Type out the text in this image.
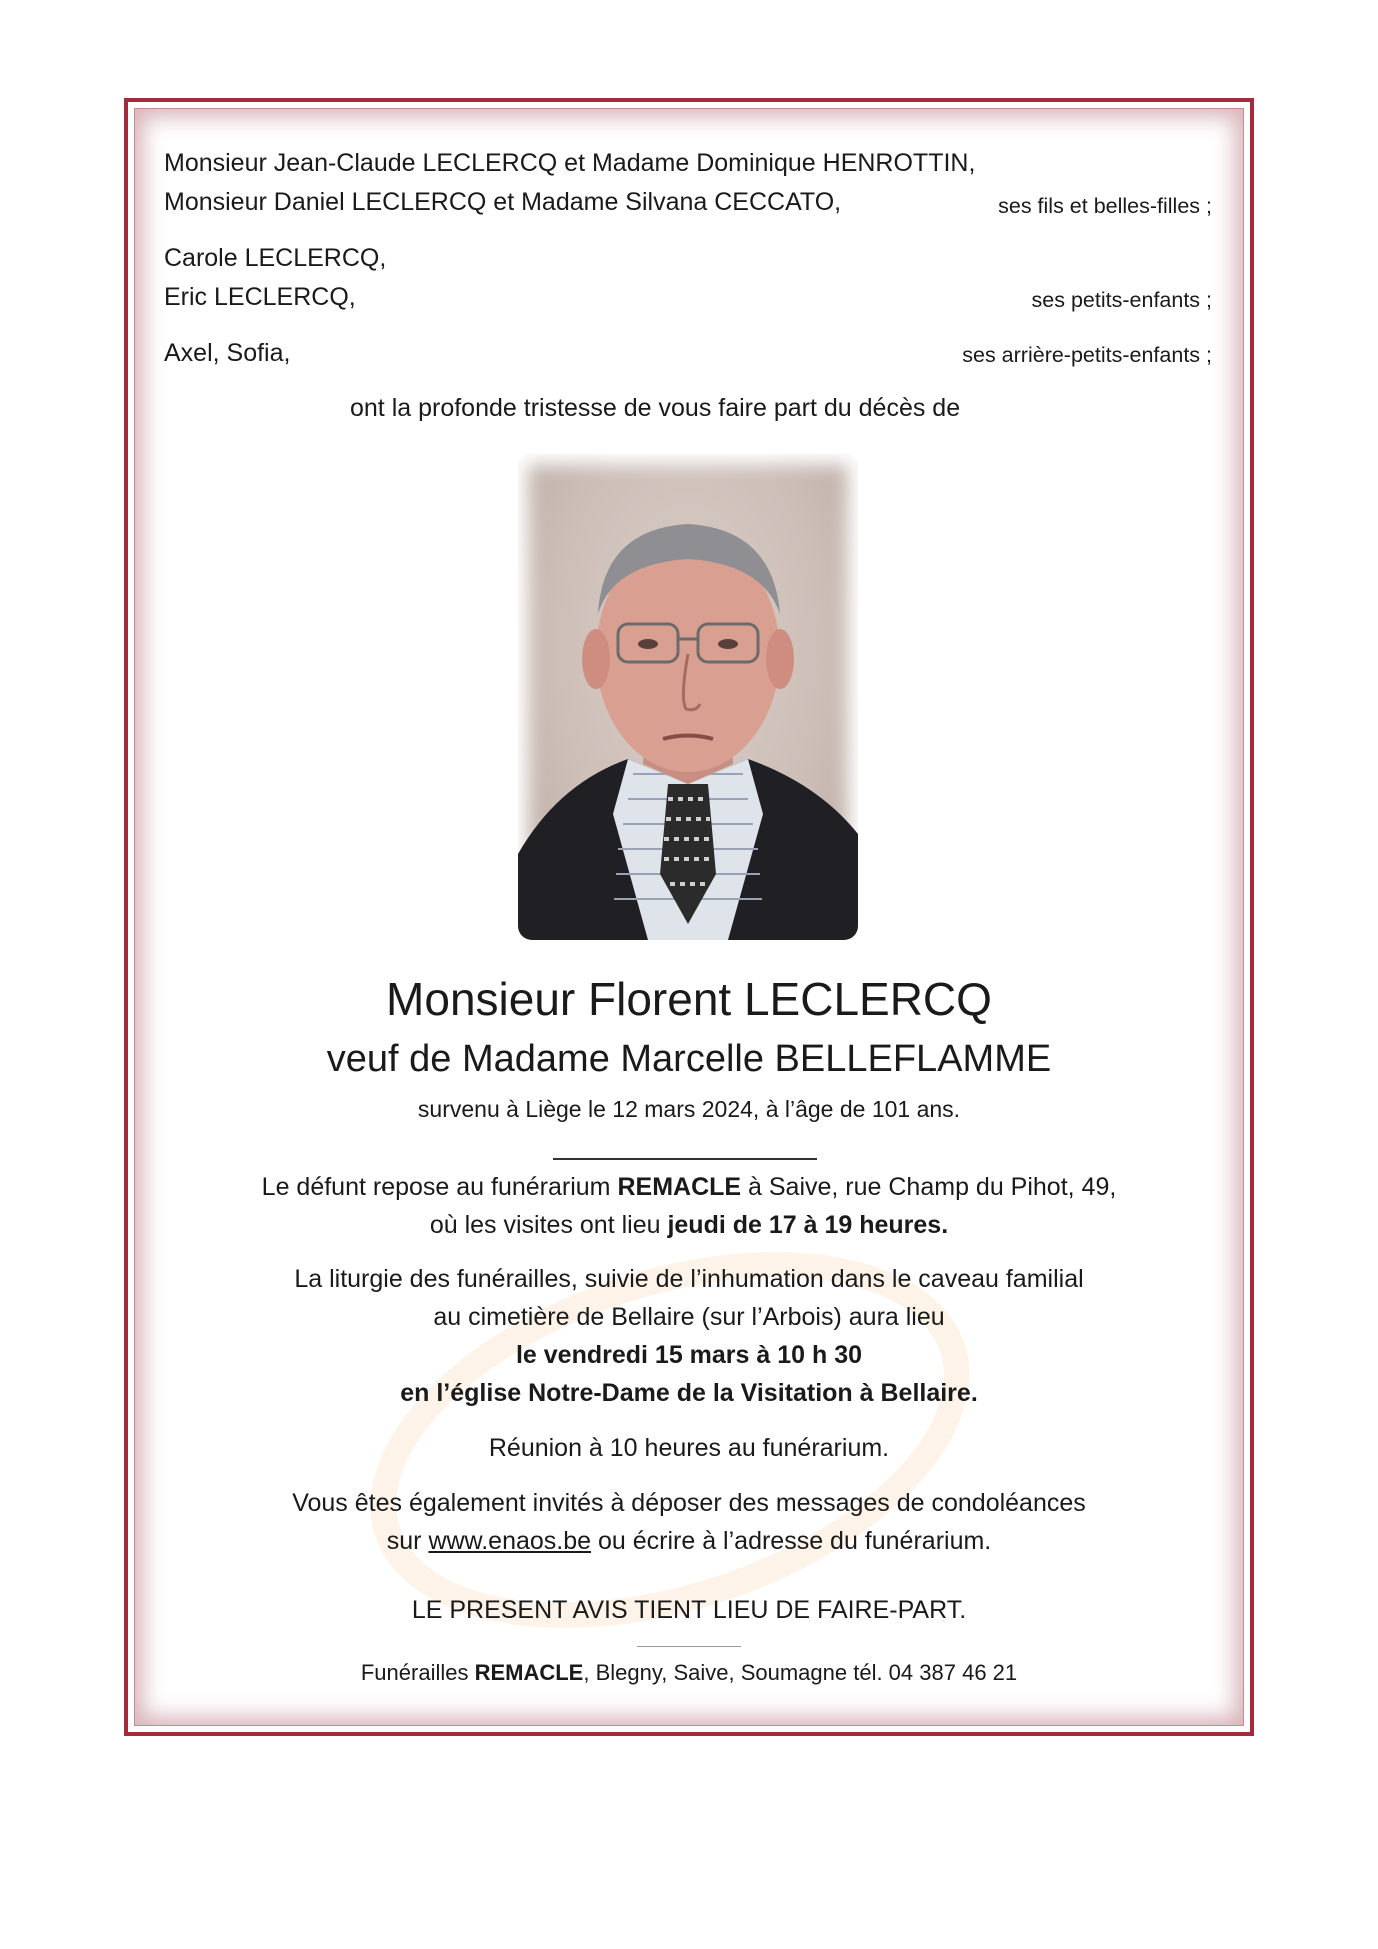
Monsieur Jean-Claude LECLERCQ et Madame Dominique HENROTTIN,
Monsieur Daniel LECLERCQ et Madame Silvana CECCATO,	ses fils et belles-filles ;
Carole LECLERCQ,
Eric LECLERCQ,	ses petits-enfants ;
Axel, Sofia,	ses arrière-petits-enfants ;
ont la profonde tristesse de vous faire part du décès de
Monsieur Florent LECLERCQ
veuf de Madame Marcelle BELLEFLAMME
survenu à Liège le 12 mars 2024, à l’âge de 101 ans.
Le défunt repose au funérarium REMACLE à Saive, rue Champ du Pihot, 49,
où les visites ont lieu jeudi de 17 à 19 heures.
La liturgie des funérailles, suivie de l’inhumation dans le caveau familial
au cimetière de Bellaire (sur l’Arbois) aura lieu
le vendredi 15 mars à 10 h 30
en l’église Notre-Dame de la Visitation à Bellaire.
Réunion à 10 heures au funérarium.
Vous êtes également invités à déposer des messages de condoléances
sur www.enaos.be ou écrire à l’adresse du funérarium.
LE PRESENT AVIS TIENT LIEU DE FAIRE-PART.
Funérailles REMACLE, Blegny, Saive, Soumagne tél. 04 387 46 21
